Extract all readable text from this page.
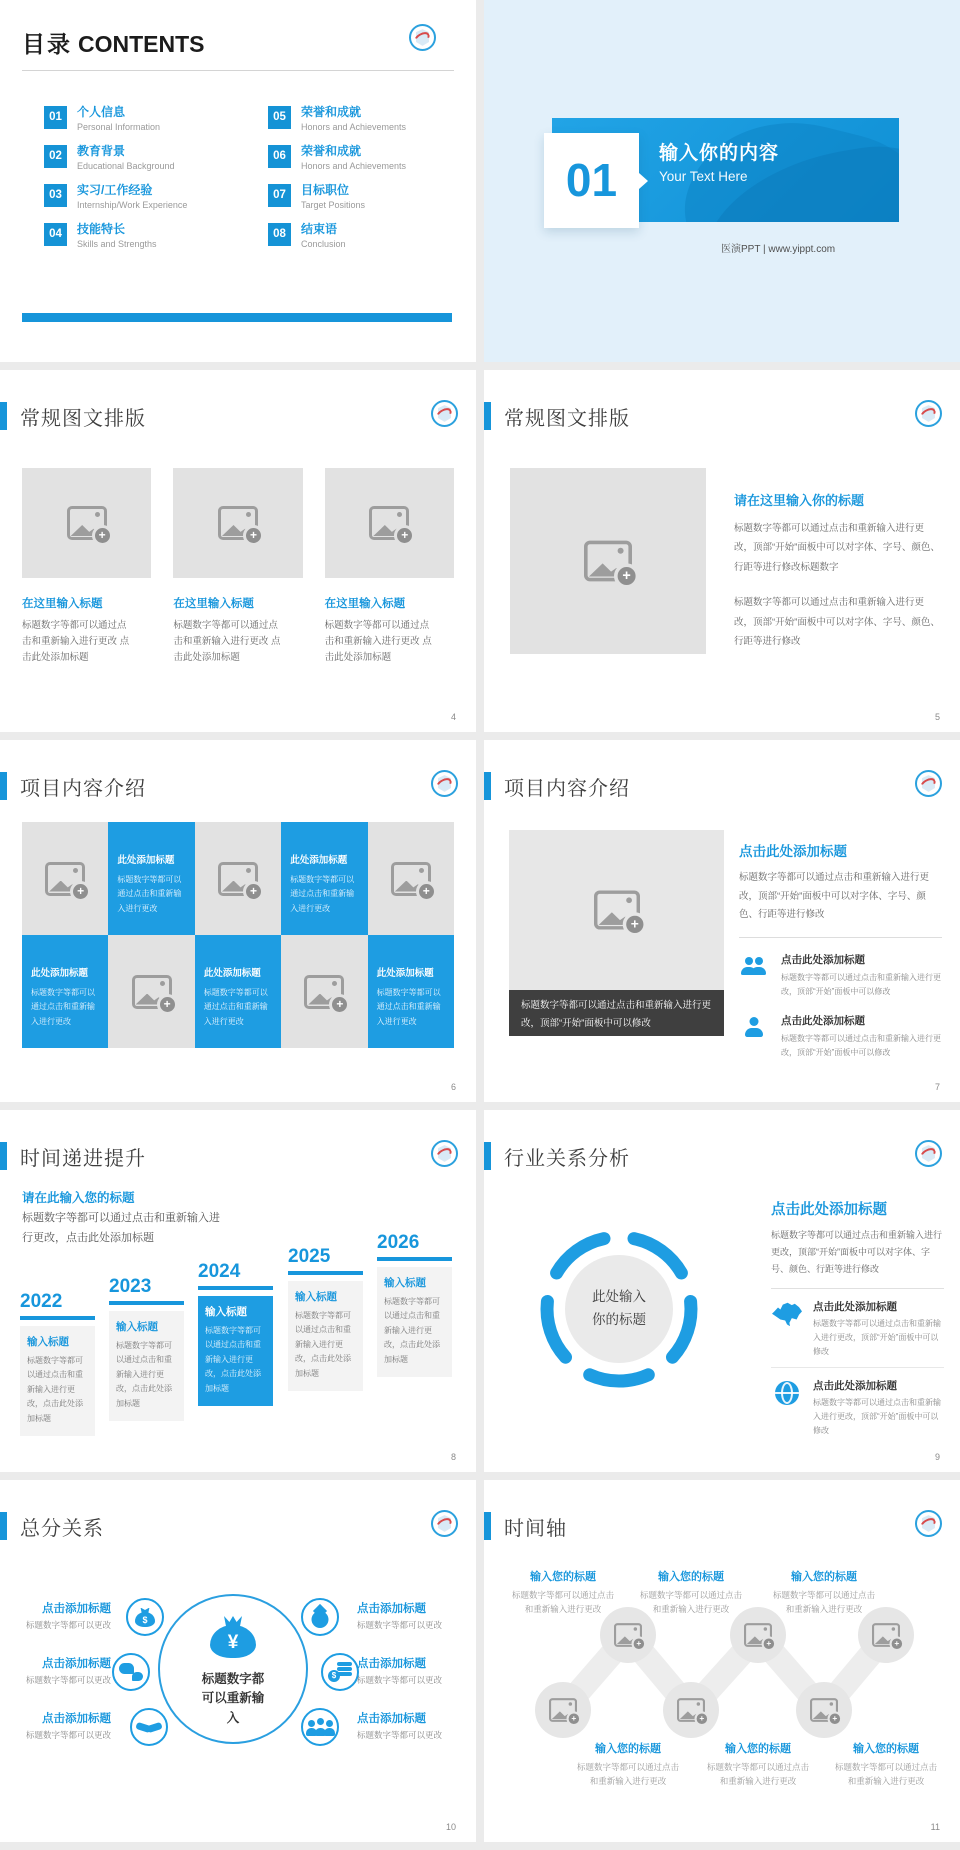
目录 CONTENTS
01	个人信息
Personal Information
02	教育背景
Educational Background
03	实习/工作经验
Internship/Work Experience
04	技能特长
Skills and Strengths
05	荣誉和成就
Honors and Achievements
06	荣誉和成就
Honors and Achievements
07	目标职位
Target Positions
08	结束语
Conclusion
输入你的内容
Your Text Here
01
医演PPT | www.yippt.com
常规图文排版
+
在这里输入标题
标题数字等都可以通过点击和重新输入进行更改 点击此处添加标题
+
在这里输入标题
标题数字等都可以通过点击和重新输入进行更改 点击此处添加标题
+
在这里输入标题
标题数字等都可以通过点击和重新输入进行更改 点击此处添加标题
4
常规图文排版
+
请在这里输入你的标题
标题数字等都可以通过点击和重新输入进行更改，顶部“开始”面板中可以对字体、字号、颜色、行距等进行修改标题数字
标题数字等都可以通过点击和重新输入进行更改，顶部“开始”面板中可以对字体、字号、颜色、行距等进行修改
5
项目内容介绍
+
此处添加标题
标题数字等都可以通过点击和重新输入进行更改
+
此处添加标题
标题数字等都可以通过点击和重新输入进行更改
+
此处添加标题
标题数字等都可以通过点击和重新输入进行更改
+
此处添加标题
标题数字等都可以通过点击和重新输入进行更改
+
此处添加标题
标题数字等都可以通过点击和重新输入进行更改
6
项目内容介绍
+
标题数字等都可以通过点击和重新输入进行更改，顶部“开始”面板中可以修改
点击此处添加标题
标题数字等都可以通过点击和重新输入进行更改，顶部“开始”面板中可以对字体、字号、颜色、行距等进行修改
点击此处添加标题
标题数字等都可以通过点击和重新输入进行更改，顶部“开始”面板中可以修改
点击此处添加标题
标题数字等都可以通过点击和重新输入进行更改，顶部“开始”面板中可以修改
7
时间递进提升
请在此输入您的标题
标题数字等都可以通过点击和重新输入进行更改，点击此处添加标题
2022
输入标题
标题数字等都可以通过点击和重新输入进行更改，点击此处添加标题
2023
输入标题
标题数字等都可以通过点击和重新输入进行更改，点击此处添加标题
2024
输入标题
标题数字等都可以通过点击和重新输入进行更改，点击此处添加标题
2025
输入标题
标题数字等都可以通过点击和重新输入进行更改，点击此处添加标题
2026
输入标题
标题数字等都可以通过点击和重新输入进行更改，点击此处添加标题
8
行业关系分析
此处输入你的标题
点击此处添加标题
标题数字等都可以通过点击和重新输入进行更改，顶部“开始”面板中可以对字体、字号、颜色、行距等进行修改
点击此处添加标题
标题数字等都可以通过点击和重新输入进行更改，顶部“开始”面板中可以修改
点击此处添加标题
标题数字等都可以通过点击和重新输入进行更改，顶部“开始”面板中可以修改
9
总分关系
¥
标题数字都可以重新输入
$
$
点击添加标题
标题数字等都可以更改
点击添加标题
标题数字等都可以更改
点击添加标题
标题数字等都可以更改
点击添加标题
标题数字等都可以更改
点击添加标题
标题数字等都可以更改
点击添加标题
标题数字等都可以更改
10
时间轴
+
+
+
+
+
+
输入您的标题
标题数字等都可以通过点击和重新输入进行更改
输入您的标题
标题数字等都可以通过点击和重新输入进行更改
输入您的标题
标题数字等都可以通过点击和重新输入进行更改
输入您的标题
标题数字等都可以通过点击和重新输入进行更改
输入您的标题
标题数字等都可以通过点击和重新输入进行更改
输入您的标题
标题数字等都可以通过点击和重新输入进行更改
11
